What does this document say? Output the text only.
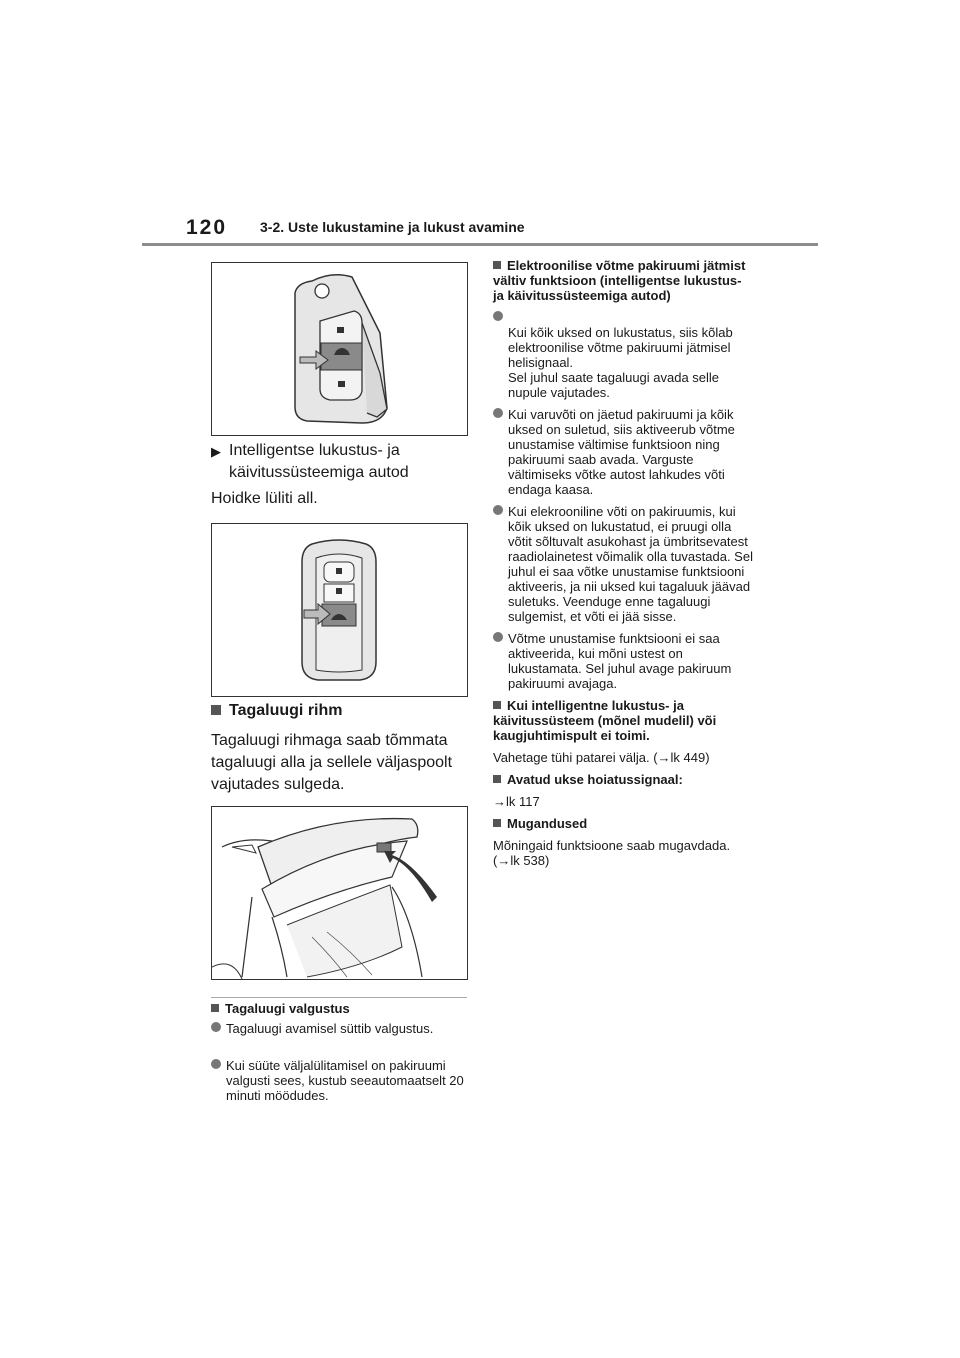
120 3-2. Uste lukustamine ja lukust avamine
▶ Intelligentse lukustus- ja käivitussüsteemiga autod
Hoidke lüliti all.
Tagaluugi rihm
Tagaluugi rihmaga saab tõmmata tagaluugi alla ja sellele väljaspoolt vajutades sulgeda.
Tagaluugi valgustus
Tagaluugi avamisel süttib valgustus.
Kui süüte väljalülitamisel on pakiruumi valgusti sees, kustub seeautomaatselt 20 minuti möödudes.
Elektroonilise võtme pakiruumi jätmist vältiv funktsioon (intelligentse lukustus- ja käivitussüsteemiga autod)

Kui kõik uksed on lukustatus, siis kõlab elektroonilise võtme pakiruumi jätmisel helisignaal.
Sel juhul saate tagaluugi avada selle nupule vajutades.

Kui varuvõti on jäetud pakiruumi ja kõik uksed on suletud, siis aktiveerub võtme unustamise vältimise funktsioon ning pakiruumi saab avada. Varguste vältimiseks võtke autost lahkudes võti endaga kaasa.
Kui elekrooniline võti on pakiruumis, kui kõik uksed on lukustatud, ei pruugi olla võtit sõltuvalt asukohast ja ümbritsevatest raadiolainetest võimalik olla tuvastada. Sel juhul ei saa võtke unustamise funktsiooni aktiveeris, ja nii uksed kui tagaluuk jäävad suletuks. Veenduge enne tagaluugi sulgemist, et võti ei jää sisse.
Võtme unustamise funktsiooni ei saa aktiveerida, kui mõni ustest on lukustamata. Sel juhul avage pakiruum pakiruumi avajaga.
Kui intelligentne lukustus- ja käivitussüsteem (mõnel mudelil) või kaugjuhtimispult ei toimi.
Vahetage tühi patarei välja. (→lk 449)
Avatud ukse hoiatussignaal:
→lk 117
Mugandused
Mõningaid funktsioone saab mugavdada. (→lk 538)
